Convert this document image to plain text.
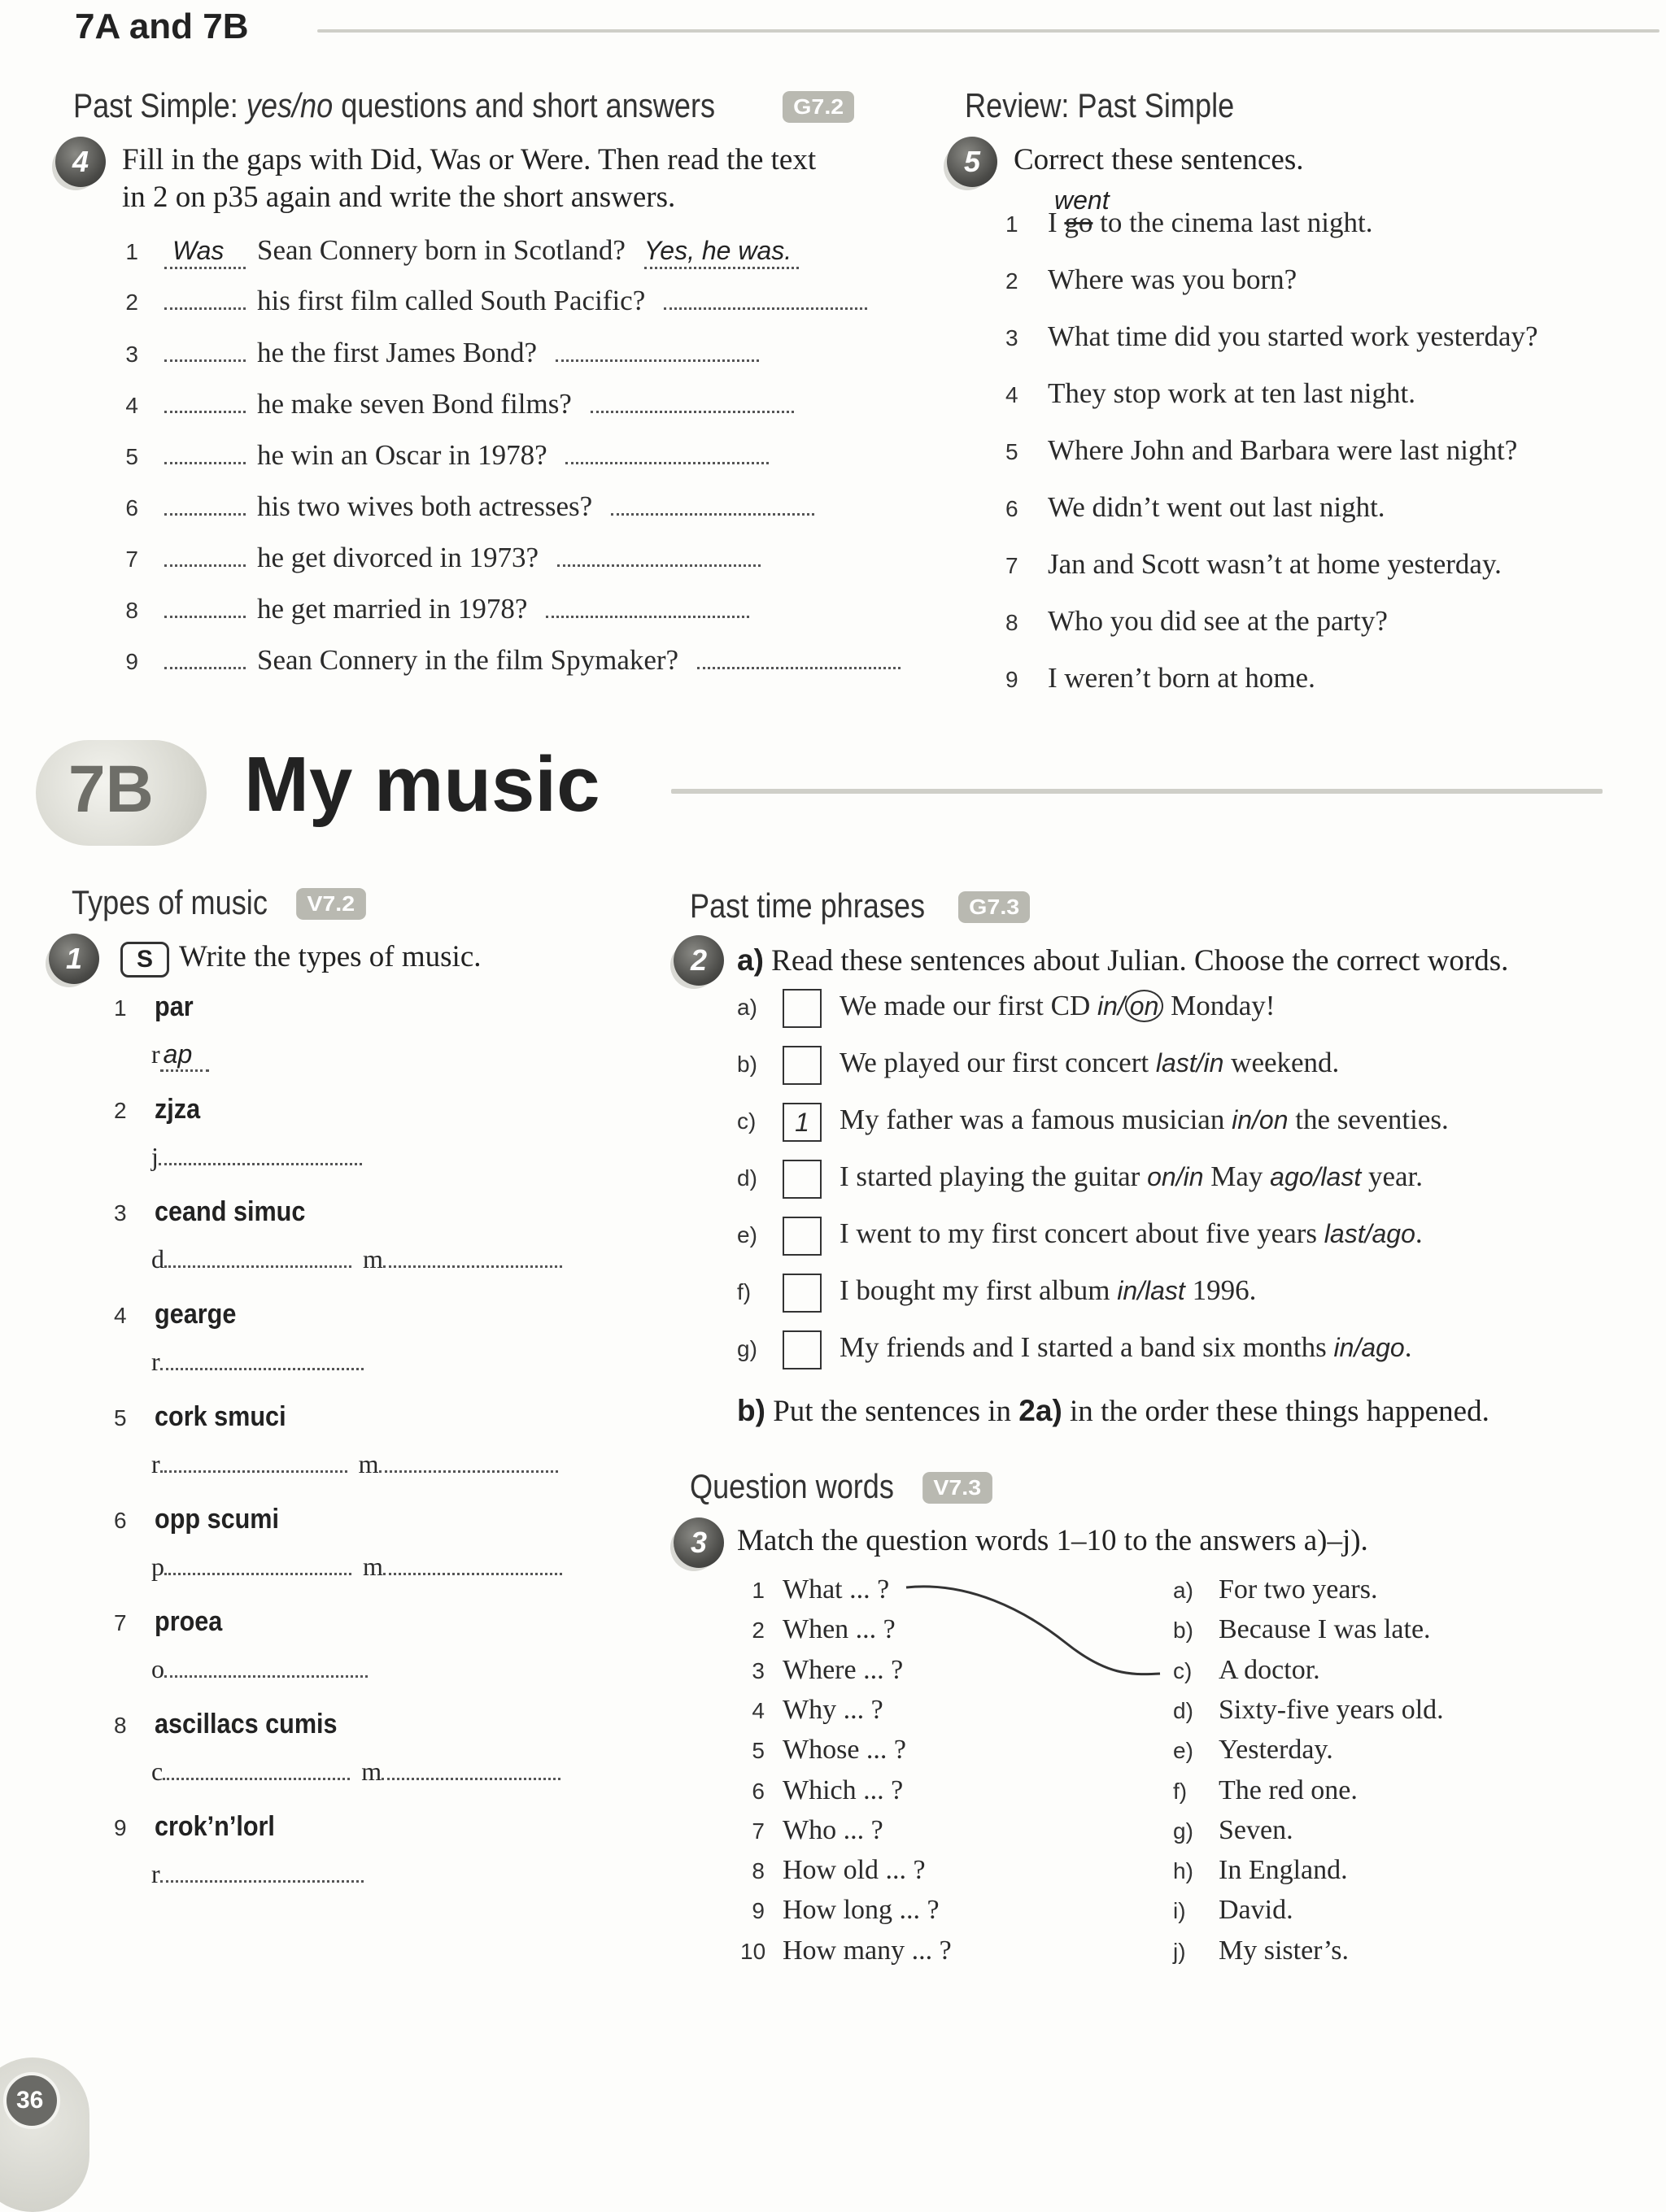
7A and 7B
Past Simple: yes/no questions and short answers	G7.2
4	Fill in the gaps with Did, Was or Were. Then read the text
in 2 on p35 again and write the short answers.
1 Was Sean Connery born in Scotland? Yes, he was.
2	his first film called South Pacific?
3	he the first James Bond?
4	he make seven Bond films?
5	he win an Oscar in 1978?
6	his two wives both actresses?
7	he get divorced in 1973?
8	he get married in 1978?
9	Sean Connery in the film Spymaker?
Review: Past Simple
5	Correct these sentences.
went
1 I go to the cinema last night.
2 Where was you born?
3 What time did you started work yesterday?
4 They stop work at ten last night.
5 Where John and Barbara were last night?
6 We didn’t went out last night.
7 Jan and Scott wasn’t at home yesterday.
8 Who you did see at the party?
9 I weren’t born at home.
7B My music
Types of music	V7.2
1	S Write the types of music.
1 par
r ap
2 zjza
j
3 ceand simuc
d	m
4 gearge
r
5 cork smuci
r	m
6 opp scumi
p	m
7 proea
o
8 ascillacs cumis
c	m
9 crok’n’lorl
r
Past time phrases	G7.3
2 a) Read these sentences about Julian. Choose the correct words.
a)	We made our first CD in/ on Monday!
b)	We played our first concert last/in weekend.
c) 1 My father was a famous musician in/on the seventies.
d)	I started playing the guitar on/in May ago/last year.
e)	I went to my first concert about five years last/ago.
f)	I bought my first album in/last 1996.
g)	My friends and I started a band six months in/ago.
b) Put the sentences in 2a) in the order these things happened.
Question words	V7.3
3 Match the question words 1–10 to the answers a)–j).
1 What ... ?
2 When ... ?
3 Where ... ?
4 Why ... ?
5 Whose ... ?
6 Which ... ?
7 Who ... ?
8 How old ... ?
9 How long ... ?
10 How many ... ?
a) For two years.
b) Because I was late.
c) A doctor.
d) Sixty-five years old.
e) Yesterday.
f) The red one.
g) Seven.
h) In England.
i) David.
j) My sister’s.
36
